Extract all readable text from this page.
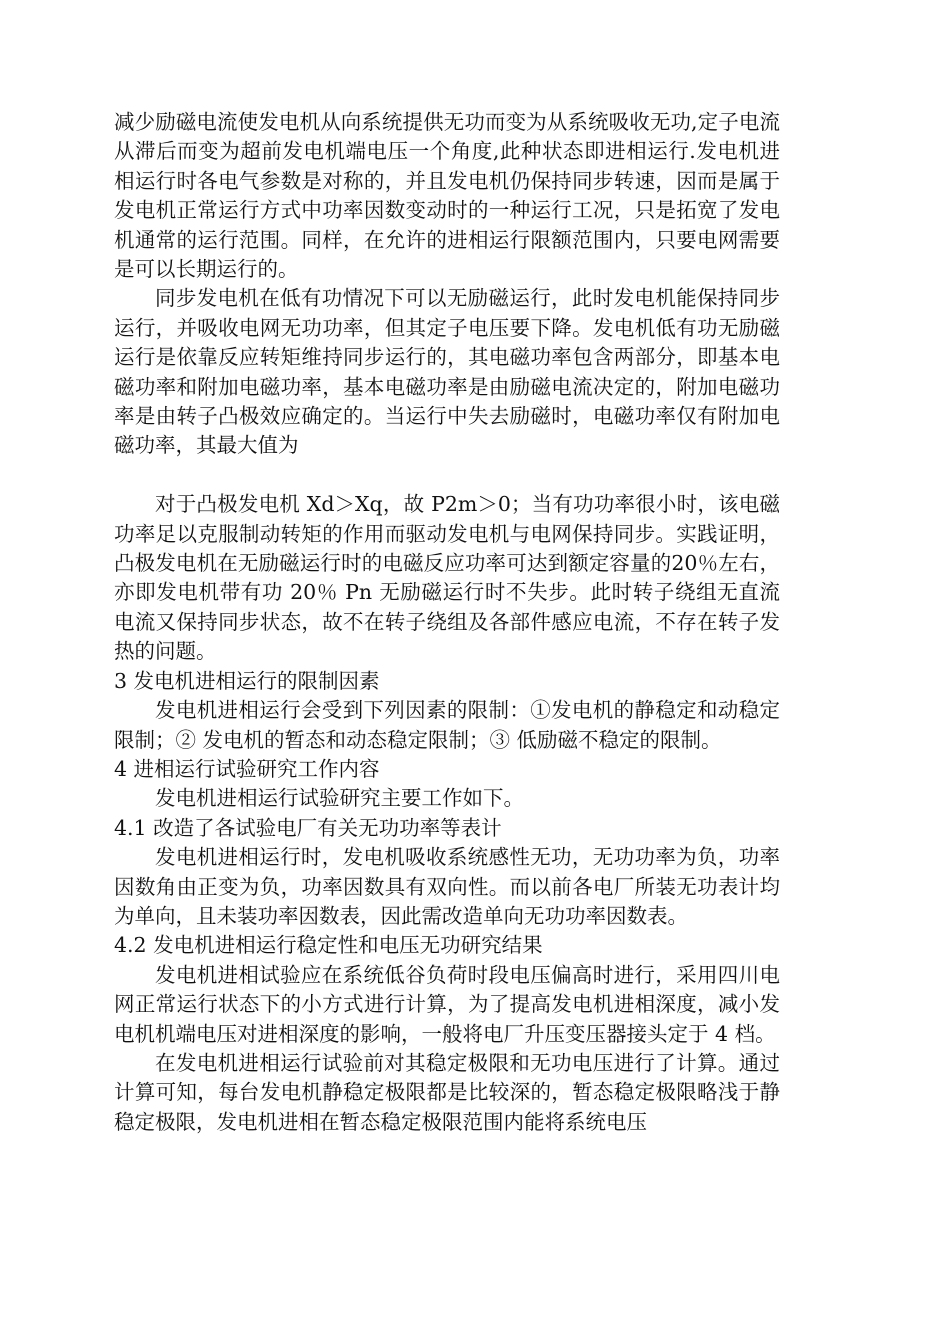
减少励磁电流使发电机从向系统提供无功而变为从系统吸收无功,定子电流从滞后而变为超前发电机端电压一个角度,此种状态即进相运行.发电机进相运行时各电气参数是对称的，并且发电机仍保持同步转速，因而是属于发电机正常运行方式中功率因数变动时的一种运行工况，只是拓宽了发电机通常的运行范围。同样，在允许的进相运行限额范围内，只要电网需要是可以长期运行的。

同步发电机在低有功情况下可以无励磁运行，此时发电机能保持同步运行，并吸收电网无功功率，但其定子电压要下降。发电机低有功无励磁运行是依靠反应转矩维持同步运行的，其电磁功率包含两部分，即基本电磁功率和附加电磁功率，基本电磁功率是由励磁电流决定的，附加电磁功率是由转子凸极效应确定的。当运行中失去励磁时，电磁功率仅有附加电磁功率，其最大值为

对于凸极发电机 Xd＞Xq，故 P2m＞0；当有功功率很小时，该电磁功率足以克服制动转矩的作用而驱动发电机与电网保持同步。实践证明，凸极发电机在无励磁运行时的电磁反应功率可达到额定容量的20％左右，亦即发电机带有功 20％ Pn 无励磁运行时不失步。此时转子绕组无直流电流又保持同步状态，故不在转子绕组及各部件感应电流，不存在转子发热的问题。

3 发电机进相运行的限制因素

发电机进相运行会受到下列因素的限制：①发电机的静稳定和动稳定限制；② 发电机的暂态和动态稳定限制；③ 低励磁不稳定的限制。

4 进相运行试验研究工作内容

发电机进相运行试验研究主要工作如下。

4.1 改造了各试验电厂有关无功功率等表计

发电机进相运行时，发电机吸收系统感性无功，无功功率为负，功率因数角由正变为负，功率因数具有双向性。而以前各电厂所装无功表计均为单向，且未装功率因数表，因此需改造单向无功功率因数表。

4.2 发电机进相运行稳定性和电压无功研究结果

发电机进相试验应在系统低谷负荷时段电压偏高时进行，采用四川电网正常运行状态下的小方式进行计算，为了提高发电机进相深度，减小发电机机端电压对进相深度的影响，一般将电厂升压变压器接头定于 4 档。

在发电机进相运行试验前对其稳定极限和无功电压进行了计算。通过计算可知，每台发电机静稳定极限都是比较深的，暂态稳定极限略浅于静稳定极限，发电机进相在暂态稳定极限范围内能将系统电压
